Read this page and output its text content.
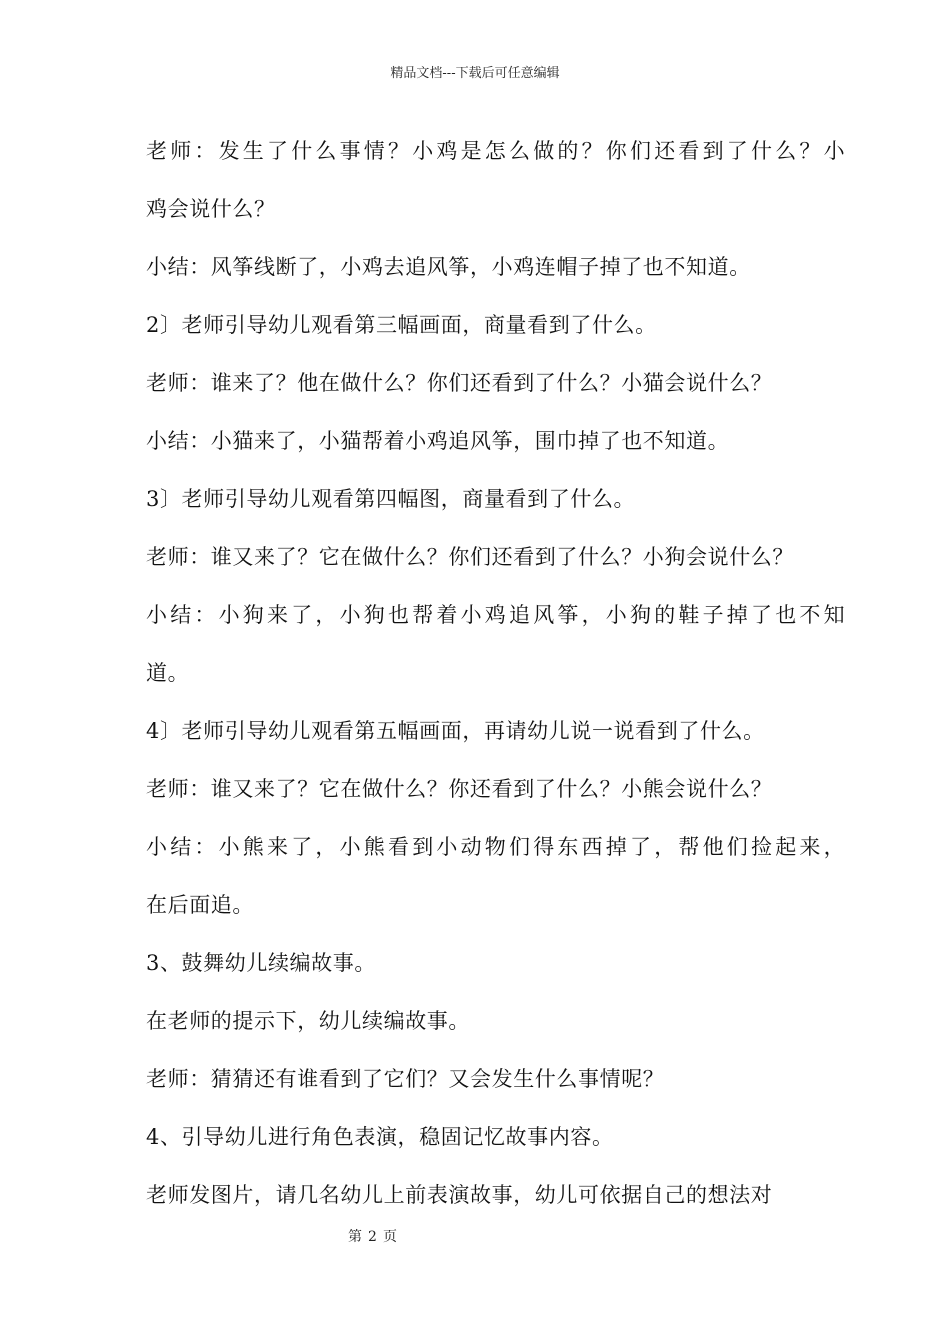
精品文档---下载后可任意编辑
老师：发生了什么事情？小鸡是怎么做的？你们还看到了什么？小
鸡会说什么？
小结：风筝线断了，小鸡去追风筝，小鸡连帽子掉了也不知道。
2〕老师引导幼儿观看第三幅画面，商量看到了什么。
老师：谁来了？他在做什么？你们还看到了什么？小猫会说什么？
小结：小猫来了，小猫帮着小鸡追风筝，围巾掉了也不知道。
3〕老师引导幼儿观看第四幅图，商量看到了什么。
老师：谁又来了？它在做什么？你们还看到了什么？小狗会说什么？
小结：小狗来了，小狗也帮着小鸡追风筝，小狗的鞋子掉了也不知
道。
4〕老师引导幼儿观看第五幅画面，再请幼儿说一说看到了什么。
老师：谁又来了？它在做什么？你还看到了什么？小熊会说什么？
小结：小熊来了，小熊看到小动物们得东西掉了，帮他们捡起来，
在后面追。
3、鼓舞幼儿续编故事。
在老师的提示下，幼儿续编故事。
老师：猜猜还有谁看到了它们？又会发生什么事情呢？
4、引导幼儿进行角色表演，稳固记忆故事内容。
老师发图片，请几名幼儿上前表演故事，幼儿可依据自己的想法对
第 2 页
